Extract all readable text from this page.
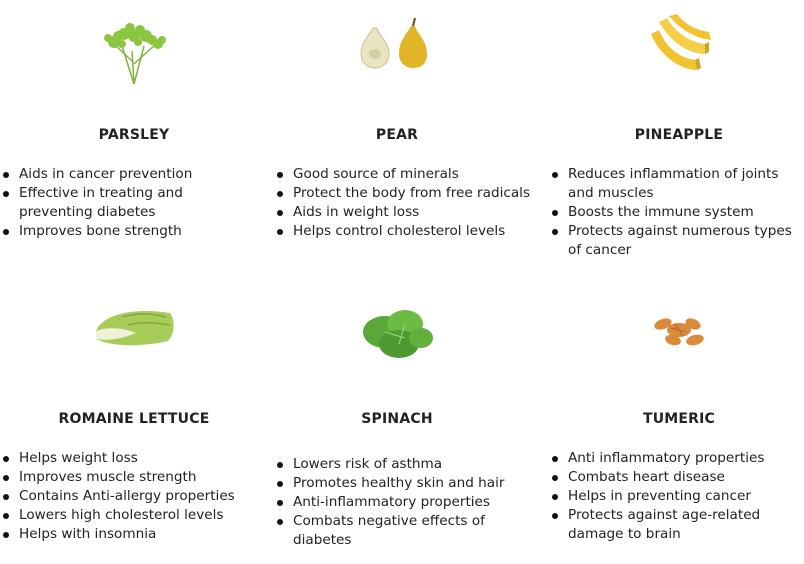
PARSLEY
Aids in cancer prevention
Effective in treating and preventing diabetes
Improves bone strength
PEAR
Good source of minerals
Protect the body from free radicals
Aids in weight loss
Helps control cholesterol levels
PINEAPPLE
Reduces inflammation of joints and muscles
Boosts the immune system
Protects against numerous types of cancer
ROMAINE LETTUCE
Helps weight loss
Improves muscle strength
Contains Anti-allergy properties
Lowers high cholesterol levels
Helps with insomnia
SPINACH
Lowers risk of asthma
Promotes healthy skin and hair
Anti-inflammatory properties
Combats negative effects of diabetes
TUMERIC
Anti inflammatory properties
Combats heart disease
Helps in preventing cancer
Protects against age-related damage to brain
